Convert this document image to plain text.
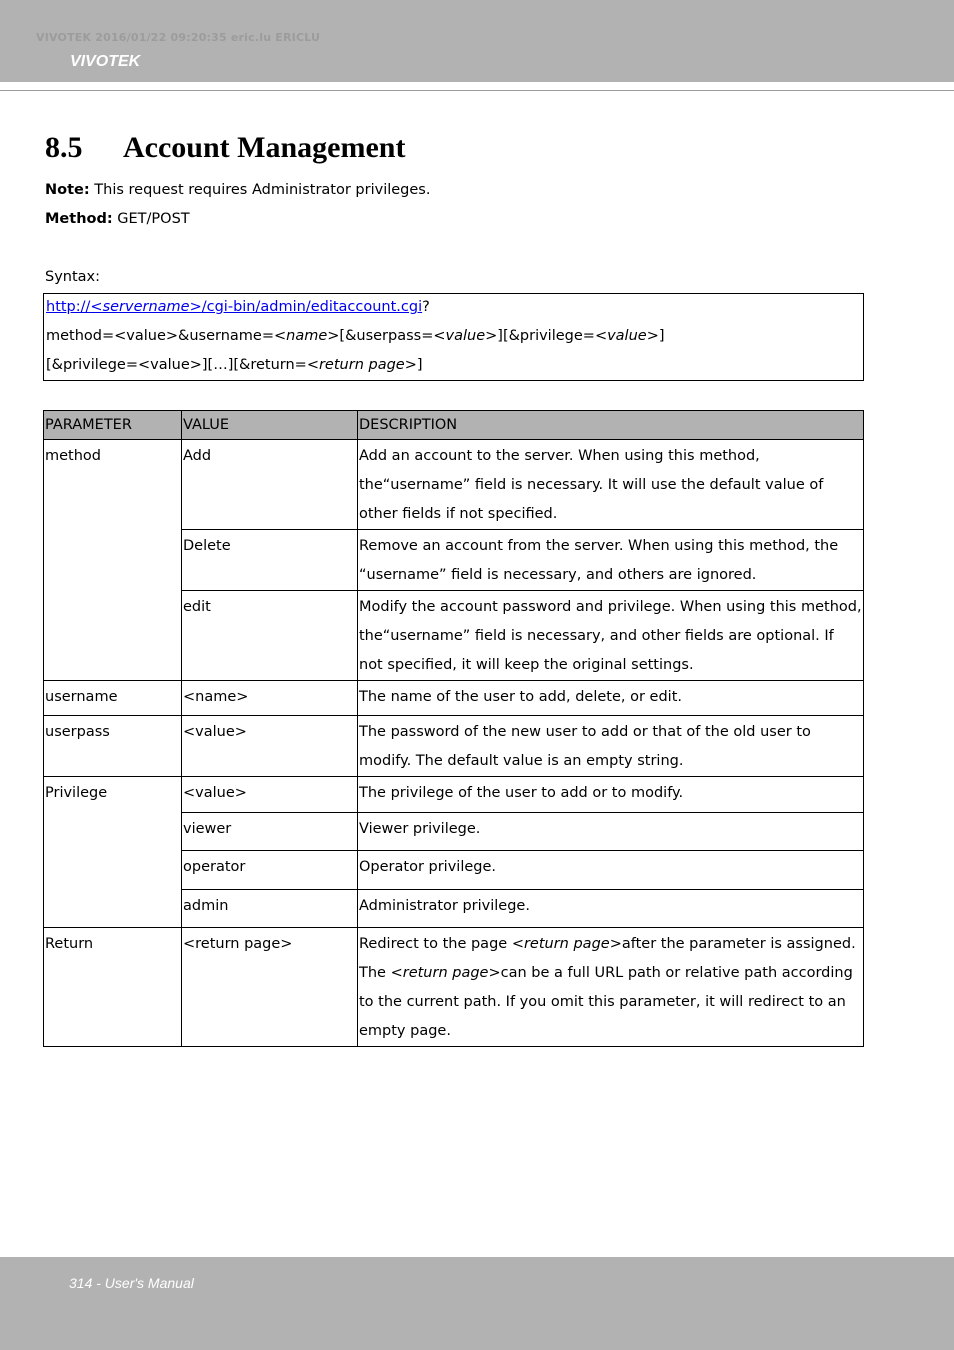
VIVOTEK 2016/01/22 09:20:35 eric.lu ERICLU
VIVOTEK
8.5 Account Management
Note: This request requires Administrator privileges.
Method: GET/POST
Syntax:
http://<servername>/cgi-bin/admin/editaccount.cgi?
method=<value>&username=<name>[&userpass=<value>][&privilege=<value>]
[&privilege=<value>][…][&return=<return page>]
PARAMETER	VALUE	DESCRIPTION
method	Add	Add an account to the server. When using this method, the“username” field is necessary. It will use the default value of other fields if not specified.
	Delete	Remove an account from the server. When using this method, the “username” field is necessary, and others are ignored.
	edit	Modify the account password and privilege. When using this method, the“username” field is necessary, and other fields are optional. If not specified, it will keep the original settings.
username	<name>	The name of the user to add, delete, or edit.
userpass	<value>	The password of the new user to add or that of the old user to modify. The default value is an empty string.
Privilege	<value>	The privilege of the user to add or to modify.
	viewer	Viewer privilege.
	operator	Operator privilege.
	admin	Administrator privilege.
Return	<return page>	Redirect to the page <return page>after the parameter is assigned. The <return page>can be a full URL path or relative path according to the current path. If you omit this parameter, it will redirect to an empty page.
314 - User's Manual
